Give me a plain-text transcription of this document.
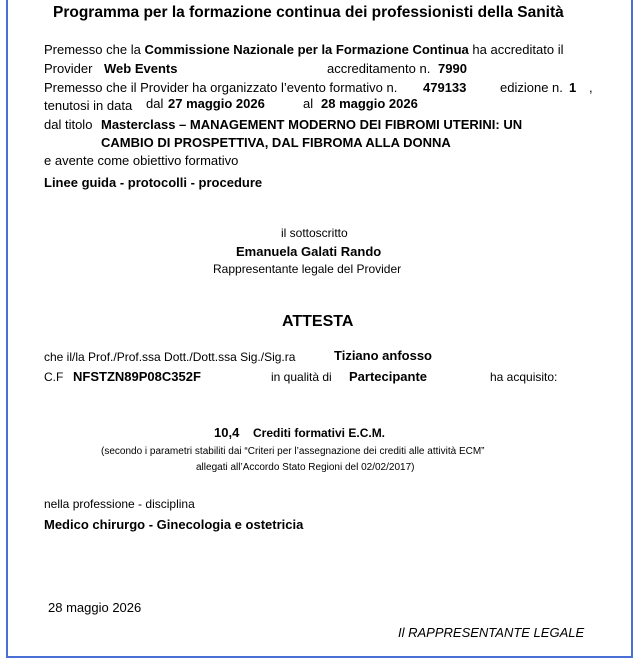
Programma per la formazione continua dei professionisti della Sanità
Premesso che la Commissione Nazionale per la Formazione Continua ha accreditato il
Provider Web Events	accreditamento n. 7990
Premesso che il Provider ha organizzato l’evento formativo n. 479133	edizione n. 1 ,
tenutosi in data dal 27 maggio 2026	al 28 maggio 2026
dal titolo Masterclass – MANAGEMENT MODERNO DEI FIBROMI UTERINI: UN
CAMBIO DI PROSPETTIVA, DAL FIBROMA ALLA DONNA
e avente come obiettivo formativo
Linee guida - protocolli - procedure
il sottoscritto
Emanuela Galati Rando
Rappresentante legale del Provider
ATTESTA
che il/la Prof./Prof.ssa Dott./Dott.ssa Sig./Sig.ra	Tiziano anfosso
C.F NFSTZN89P08C352F	in qualità di Partecipante	ha acquisito:
10,4 Crediti formativi E.C.M.
(secondo i parametri stabiliti dai “Criteri per l’assegnazione dei crediti alle attività ECM”
allegati all’Accordo Stato Regioni del 02/02/2017)
nella professione - disciplina
Medico chirurgo - Ginecologia e ostetricia
28 maggio 2026
Il RAPPRESENTANTE LEGALE
